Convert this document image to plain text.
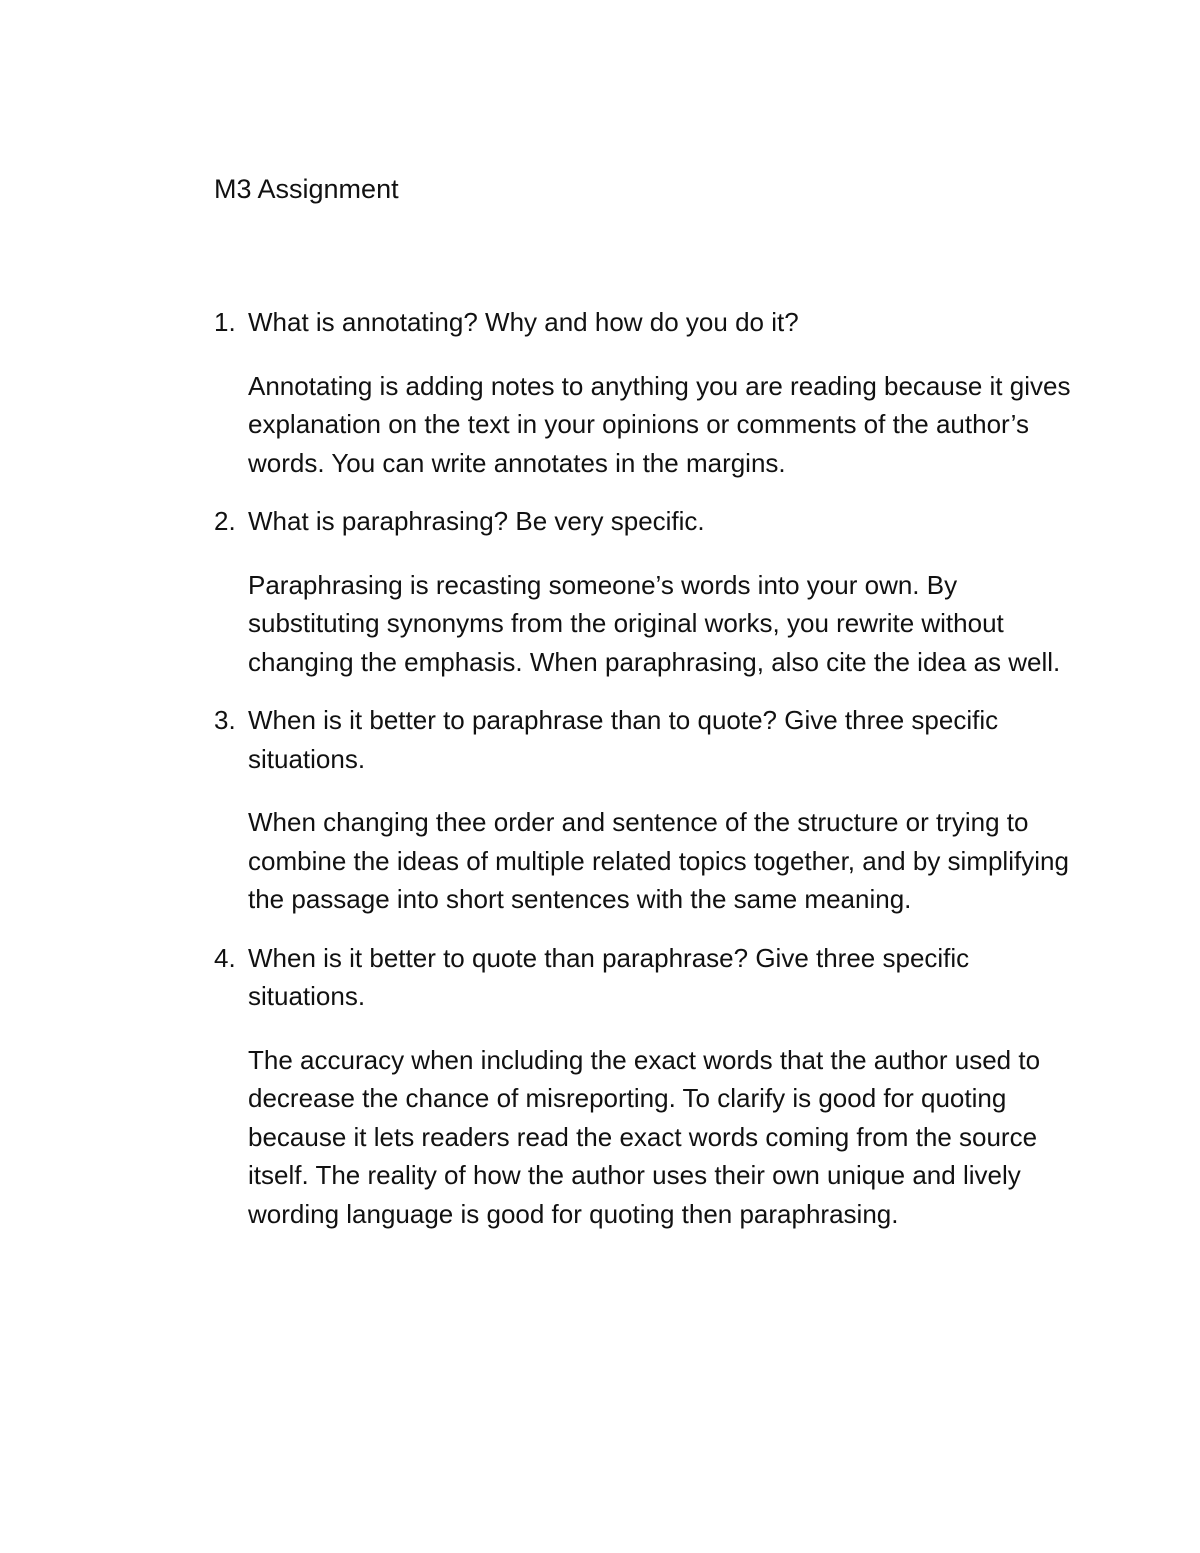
M3 Assignment
1. What is annotating? Why and how do you do it?
Annotating is adding notes to anything you are reading because it gives explanation on the text in your opinions or comments of the author’s words. You can write annotates in the margins.
2. What is paraphrasing? Be very specific.
Paraphrasing is recasting someone’s words into your own. By substituting synonyms from the original works, you rewrite without changing the emphasis. When paraphrasing, also cite the idea as well.
3. When is it better to paraphrase than to quote? Give three specific situations.
When changing thee order and sentence of the structure or trying to combine the ideas of multiple related topics together, and by simplifying the passage into short sentences with the same meaning.
4. When is it better to quote than paraphrase? Give three specific situations.
The accuracy when including the exact words that the author used to decrease the chance of misreporting. To clarify is good for quoting because it lets readers read the exact words coming from the source itself. The reality of how the author uses their own unique and lively wording language is good for quoting then paraphrasing.
